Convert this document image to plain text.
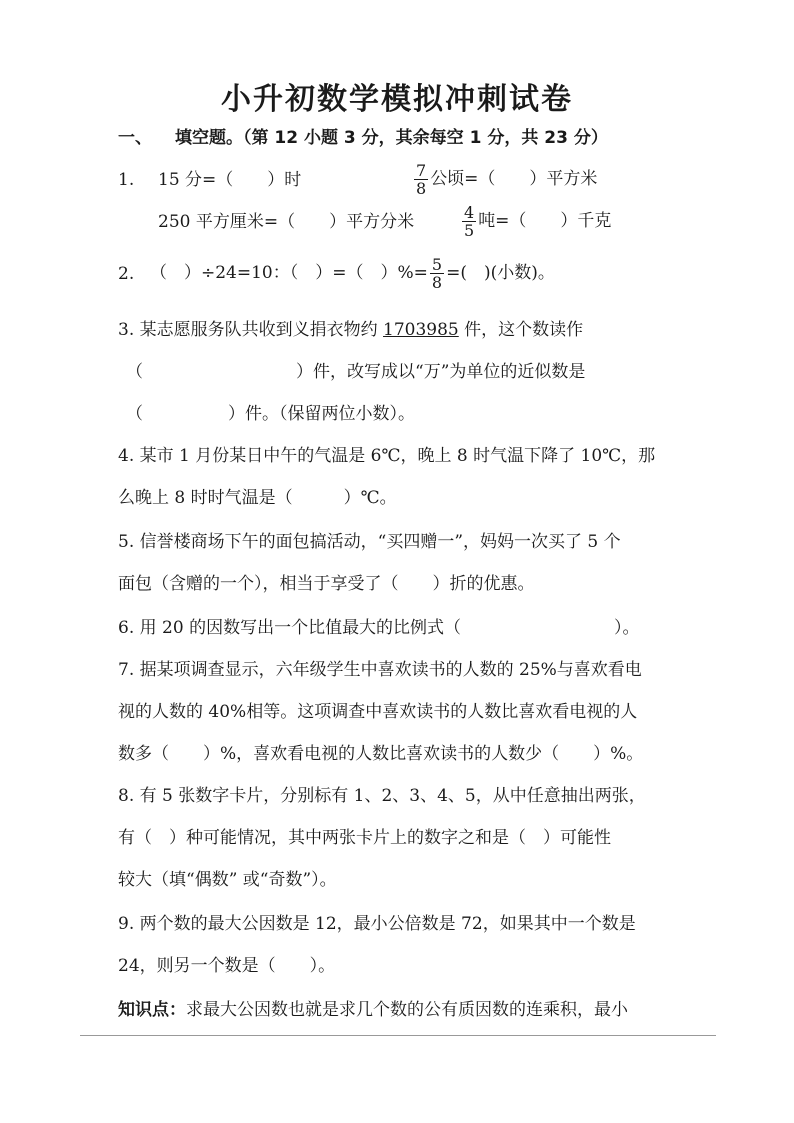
小升初数学模拟冲刺试卷
一、 填空题。（第 12 小题 3 分，其余每空 1 分，共 23 分）
1. 15 分=（　　）时	$\frac{7}{8}$ 公顷=（　　）平方米
250 平方厘米=（　　）平方分米	$\frac{4}{5}$ 吨=（　　）千克
2. （　）÷24=10：（　）=（　）%= $\frac{5}{8}$ =(　)(小数)。
3. 某志愿服务队共收到义捐衣物约 1703985 件，这个数读作
（　　　　　　　　　）件，改写成以“万”为单位的近似数是
（　　　　　）件。（保留两位小数）。
4. 某市 1 月份某日中午的气温是 6℃，晚上 8 时气温下降了 10℃，那
么晚上 8 时时气温是（　　　）℃。
5. 信誉楼商场下午的面包搞活动，“买四赠一”，妈妈一次买了 5 个
面包（含赠的一个），相当于享受了（　　）折的优惠。
6. 用 20 的因数写出一个比值最大的比例式（　　　　　　　　　）。
7. 据某项调查显示，六年级学生中喜欢读书的人数的 25%与喜欢看电
视的人数的 40%相等。这项调查中喜欢读书的人数比喜欢看电视的人
数多（　　）%，喜欢看电视的人数比喜欢读书的人数少（　　）%。
8. 有 5 张数字卡片，分别标有 1、2、3、4、5，从中任意抽出两张，
有（　）种可能情况，其中两张卡片上的数字之和是（　）可能性
较大（填“偶数” 或“奇数”）。
9. 两个数的最大公因数是 12，最小公倍数是 72，如果其中一个数是
24，则另一个数是（　　）。
知识点：求最大公因数也就是求几个数的公有质因数的连乘积，最小
